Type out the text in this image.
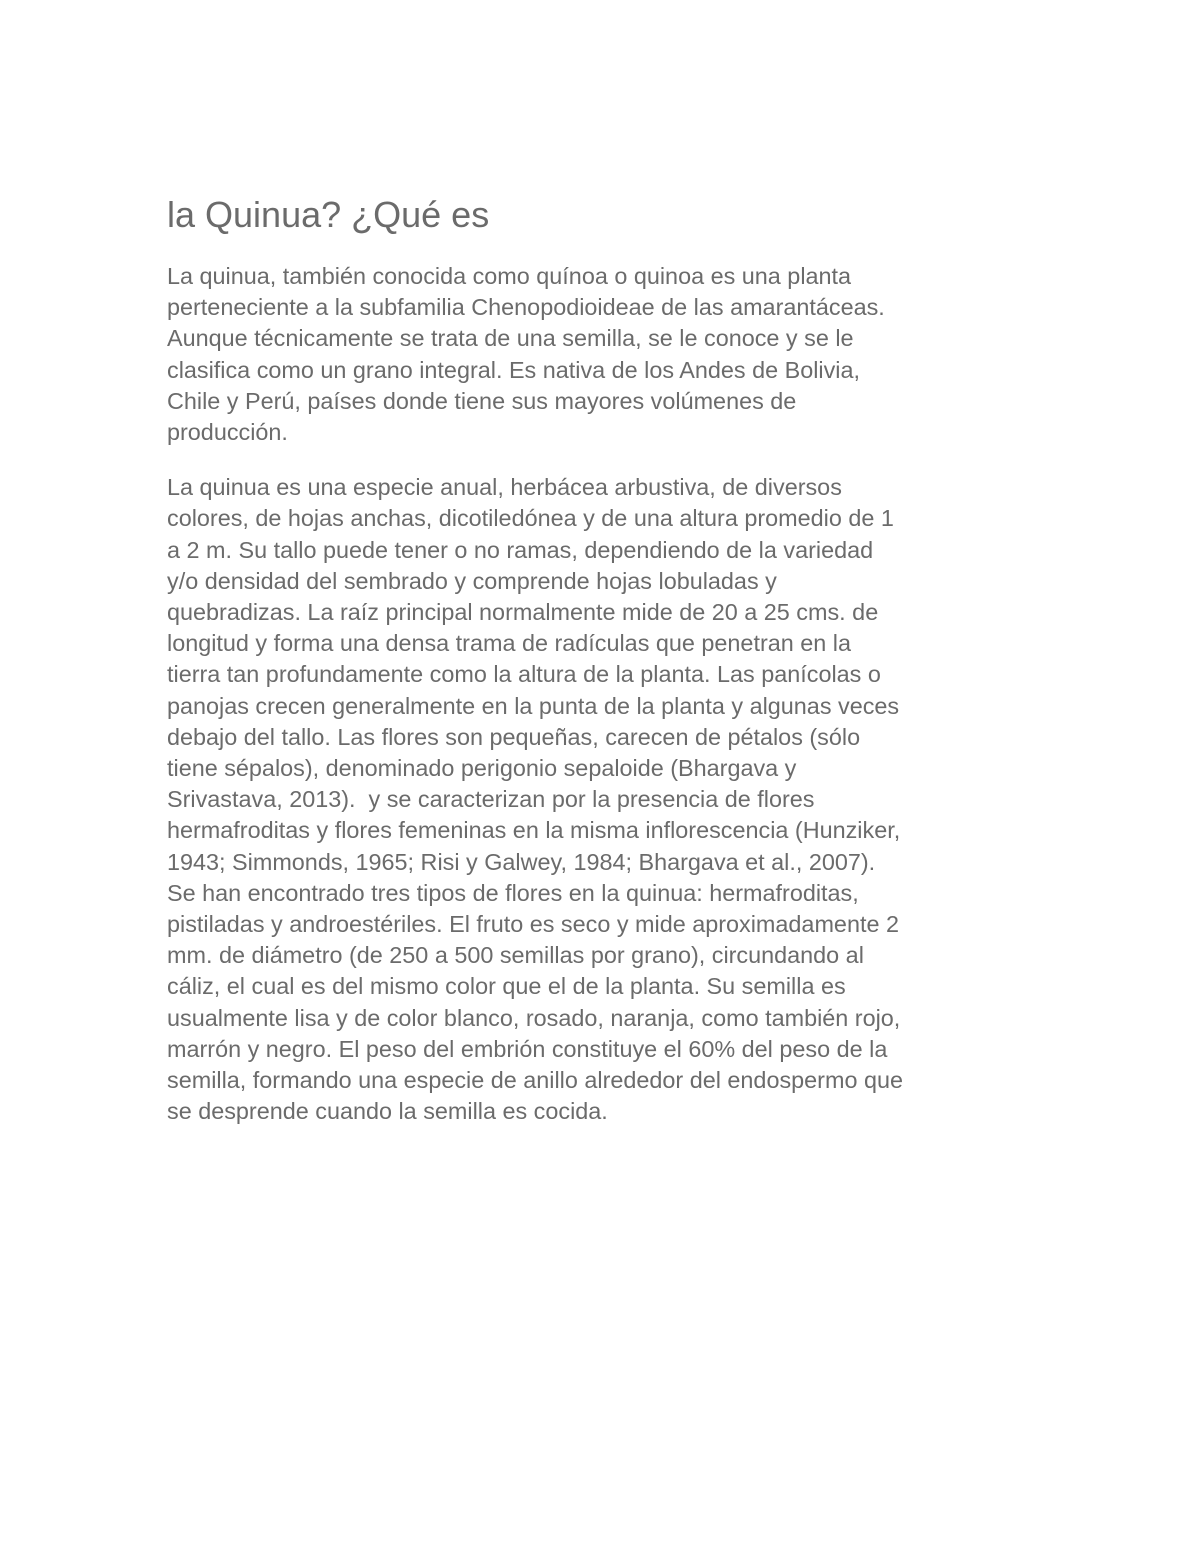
la Quinua? ¿Qué es

La quinua, también conocida como quínoa o quinoa es una planta
perteneciente a la subfamilia Chenopodioideae de las amarantáceas.
Aunque técnicamente se trata de una semilla, se le conoce y se le
clasifica como un grano integral. Es nativa de los Andes de Bolivia,
Chile y Perú, países donde tiene sus mayores volúmenes de
producción.

La quinua es una especie anual, herbácea arbustiva, de diversos
colores, de hojas anchas, dicotiledónea y de una altura promedio de 1
a 2 m. Su tallo puede tener o no ramas, dependiendo de la variedad
y/o densidad del sembrado y comprende hojas lobuladas y
quebradizas. La raíz principal normalmente mide de 20 a 25 cms. de
longitud y forma una densa trama de radículas que penetran en la
tierra tan profundamente como la altura de la planta. Las panícolas o
panojas crecen generalmente en la punta de la planta y algunas veces
debajo del tallo. Las flores son pequeñas, carecen de pétalos (sólo
tiene sépalos), denominado perigonio sepaloide (Bhargava y
Srivastava, 2013).  y se caracterizan por la presencia de flores
hermafroditas y flores femeninas en la misma inflorescencia (Hunziker,
1943; Simmonds, 1965; Risi y Galwey, 1984; Bhargava et al., 2007).
Se han encontrado tres tipos de flores en la quinua: hermafroditas,
pistiladas y androestériles. El fruto es seco y mide aproximadamente 2
mm. de diámetro (de 250 a 500 semillas por grano), circundando al
cáliz, el cual es del mismo color que el de la planta. Su semilla es
usualmente lisa y de color blanco, rosado, naranja, como también rojo,
marrón y negro. El peso del embrión constituye el 60% del peso de la
semilla, formando una especie de anillo alrededor del endospermo que
se desprende cuando la semilla es cocida.
